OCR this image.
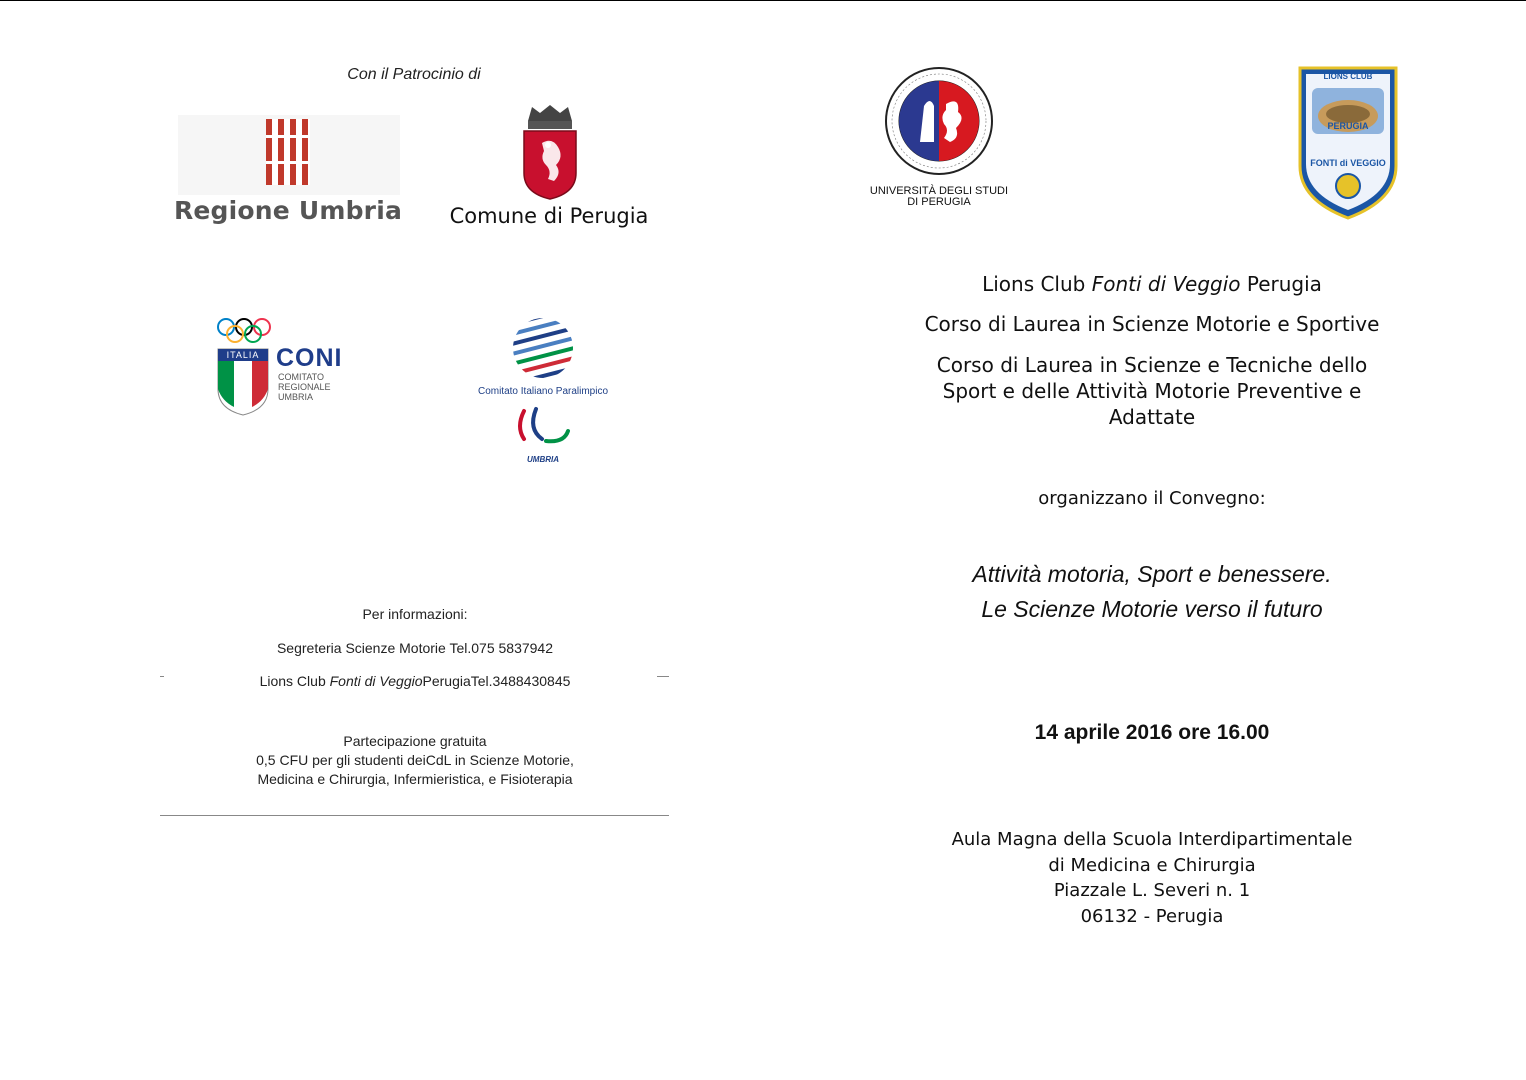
Con il Patrocinio di
Regione Umbria Comune di Perugia
ITALIA CONI
COMITATO
REGIONALE
UMBRIA	Comitato Italiano Paralimpico
UMBRIA
Per informazioni:
Segreteria Scienze Motorie Tel.075 5837942
Lions Club Fonti di VeggioPerugiaTel.3488430845
Partecipazione gratuita
0,5 CFU per gli studenti deiCdL in Scienze Motorie,
Medicina e Chirurgia, Infermieristica, e Fisioterapia
UNIVERSITÀ DEGLI STUDI
DI PERUGIA
LIONS CLUB
PERUGIA
FONTI di VEGGIO
Lions Club Fonti di Veggio Perugia
Corso di Laurea in Scienze Motorie e Sportive
Corso di Laurea in Scienze e Tecniche dello
Sport e delle Attività Motorie Preventive e
Adattate
organizzano il Convegno:
Attività motoria, Sport e benessere.
Le Scienze Motorie verso il futuro
14 aprile 2016 ore 16.00
Aula Magna della Scuola Interdipartimentale
di Medicina e Chirurgia
Piazzale L. Severi n. 1
06132 - Perugia
